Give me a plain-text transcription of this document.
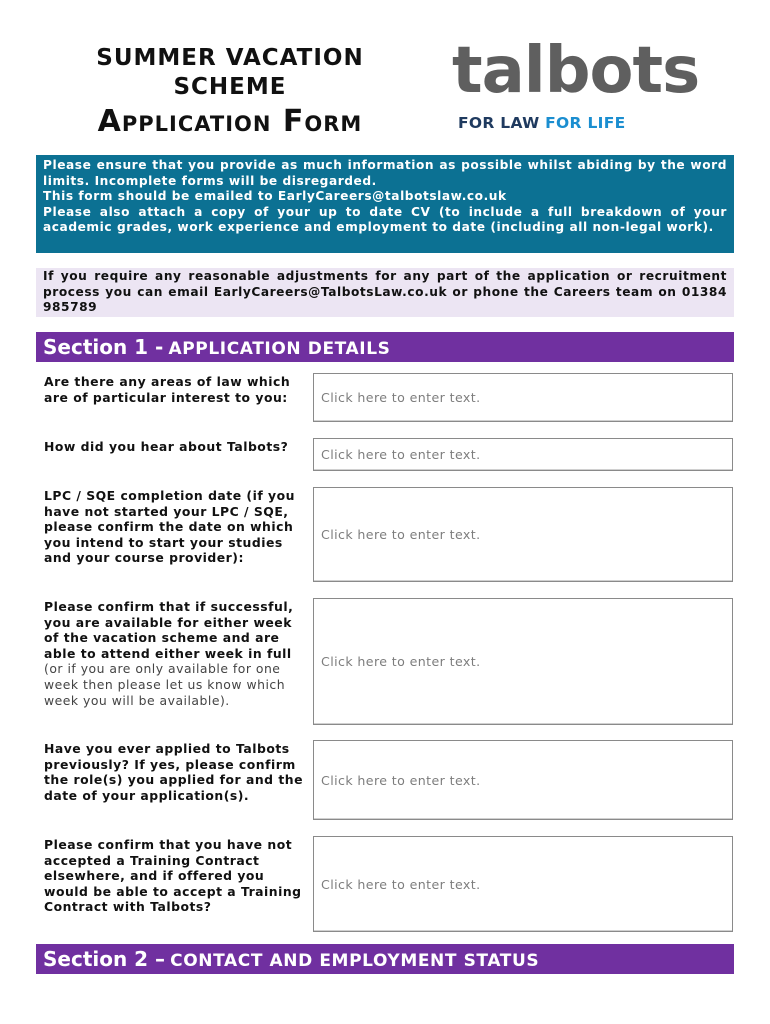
SUMMER VACATION
SCHEME
APPLICATION FORM
talbots
FOR LAW FOR LIFE

Please ensure that you provide as much information as possible whilst abiding by the word limits. Incomplete forms will be disregarded.

This form should be emailed to EarlyCareers@talbotslaw.co.uk

Please also attach a copy of your up to date CV (to include a full breakdown of your academic grades, work experience and employment to date (including all non-legal work).

If you require any reasonable adjustments for any part of the application or recruitment process you can email EarlyCareers@TalbotsLaw.co.uk or phone the Careers team on 01384 985789
Section 1 - APPLICATION DETAILS
Are there any areas of law which are of particular interest to you:	Click here to enter text.
How did you hear about Talbots?
Click here to enter text.
LPC / SQE completion date (if you have not started your LPC / SQE, please confirm the date on which you intend to start your studies and your course provider):
Click here to enter text.
Please confirm that if successful, you are available for either week of the vacation scheme and are able to attend either week in full (or if you are only available for one week then please let us know which week you will be available).
Click here to enter text.
Have you ever applied to Talbots previously? If yes, please confirm the role(s) you applied for and the date of your application(s).
Click here to enter text.
Please confirm that you have not accepted a Training Contract elsewhere, and if offered you would be able to accept a Training Contract with Talbots?
Click here to enter text.
Section 2 – CONTACT AND EMPLOYMENT STATUS
